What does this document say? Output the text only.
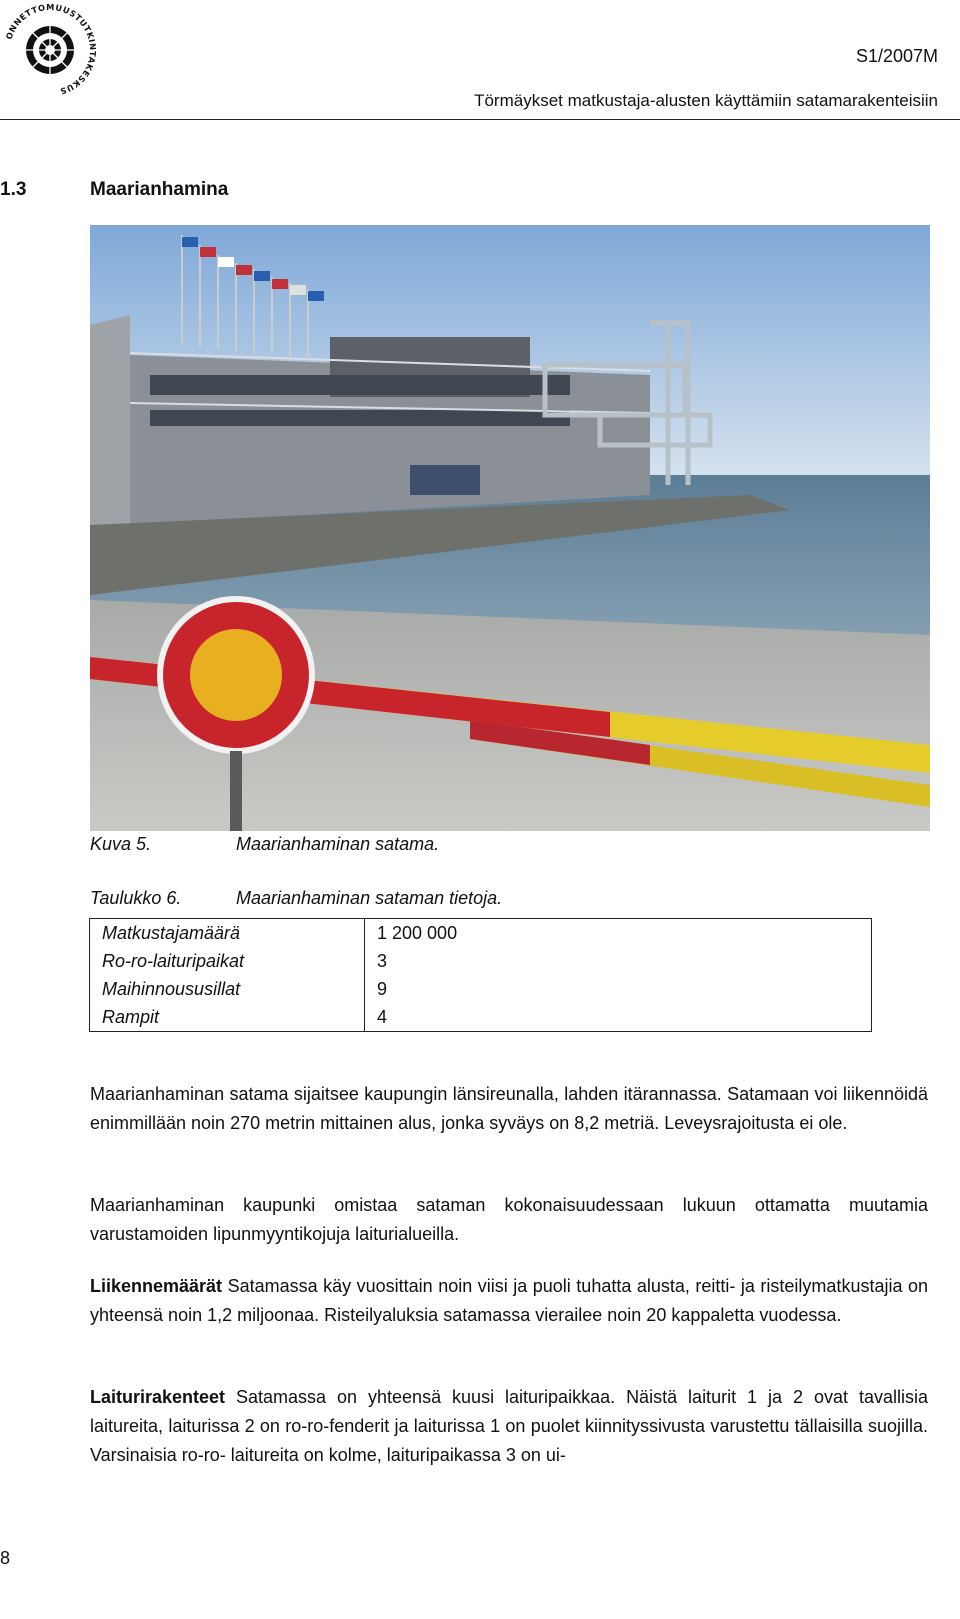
ONNETTOMUUSTUTKINTAKESKUS
S1/2007M
Törmäykset matkustaja-alusten käyttämiin satamarakenteisiin
1.3	Maarianhamina
Kuva 5.	Maarianhaminan satama.
Taulukko 6.	Maarianhaminan sataman tietoja.
Matkustajamäärä	1 200 000
Ro-ro-laituripaikat	3
Maihinnoususillat	9
Rampit	4

Maarianhaminan satama sijaitsee kaupungin länsireunalla, lahden itärannassa. Satamaan voi liikennöidä enimmillään noin 270 metrin mittainen alus, jonka syväys on 8,2 metriä. Leveysrajoitusta ei ole.

Maarianhaminan kaupunki omistaa sataman kokonaisuudessaan lukuun ottamatta muutamia varustamoiden lipunmyyntikojuja laiturialueilla.

Liikennemäärät Satamassa käy vuosittain noin viisi ja puoli tuhatta alusta, reitti- ja risteilymatkustajia on yhteensä noin 1,2 miljoonaa. Risteilyaluksia satamassa vierailee noin 20 kappaletta vuodessa.

Laiturirakenteet Satamassa on yhteensä kuusi laituripaikkaa. Näistä laiturit 1 ja 2 ovat tavallisia laitureita, laiturissa 2 on ro-ro-fenderit ja laiturissa 1 on puolet kiinnityssivusta varustettu tällaisilla suojilla. Varsinaisia ro-ro- laitureita on kolme, laituripaikassa 3 on ui-

8
